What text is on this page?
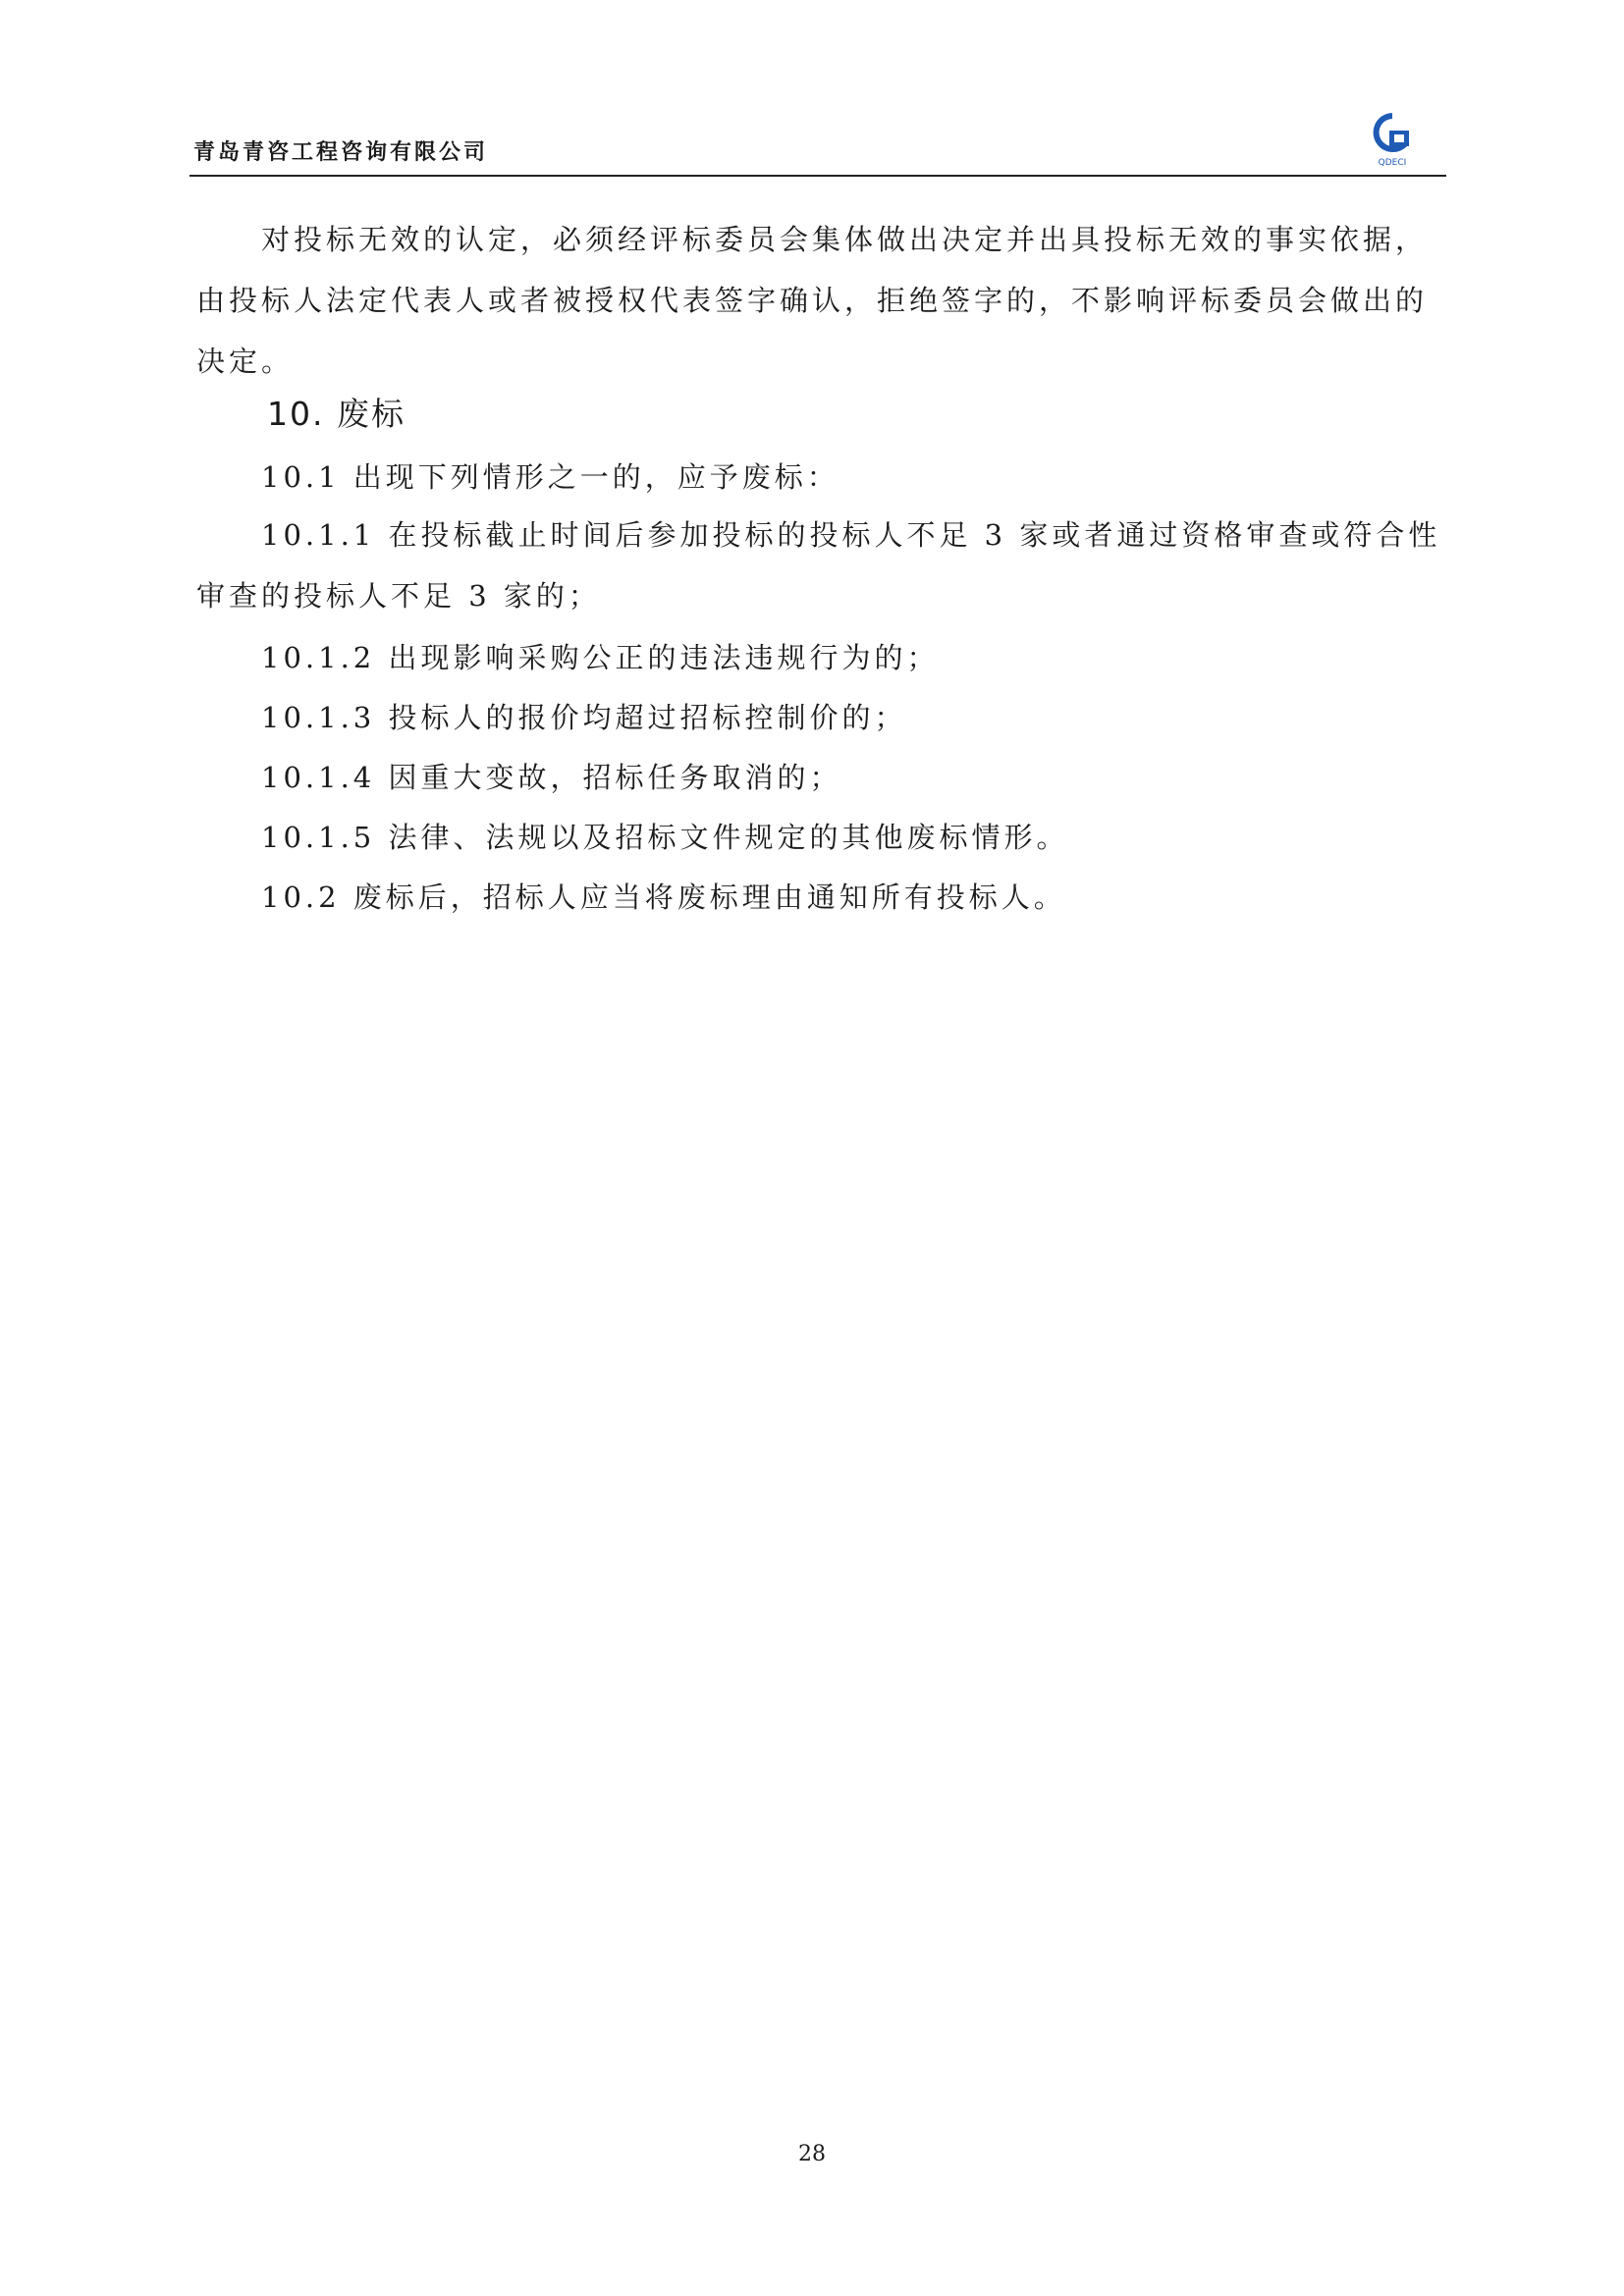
青岛青咨工程咨询有限公司	QDECI

对投标无效的认定，必须经评标委员会集体做出决定并出具投标无效的事实依据，由投标人法定代表人或者被授权代表签字确认，拒绝签字的，不影响评标委员会做出的决定。

10. 废标
10.1 出现下列情形之一的，应予废标：

10.1.1 在投标截止时间后参加投标的投标人不足 3 家或者通过资格审查或符合性审查的投标人不足 3 家的；

10.1.2 出现影响采购公正的违法违规行为的；
10.1.3 投标人的报价均超过招标控制价的；
10.1.4 因重大变故，招标任务取消的；
10.1.5 法律、法规以及招标文件规定的其他废标情形。
10.2 废标后，招标人应当将废标理由通知所有投标人。
28
